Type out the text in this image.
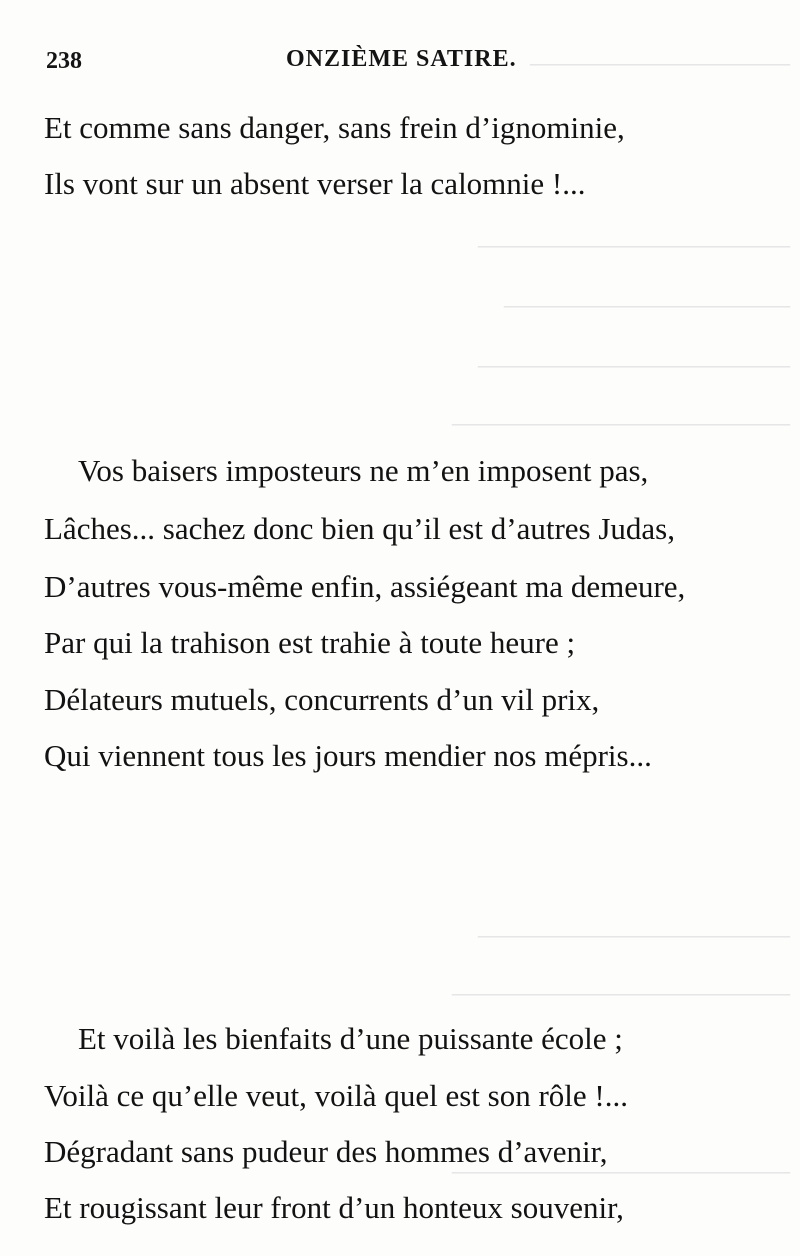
——————————
————————————
———————————
————————————
—————————————
————————————
—————————————
—————————————
238	ONZIÈME SATIRE.
Et comme sans danger, sans frein d’ignominie,
Ils vont sur un absent verser la calomnie !...
Vos baisers imposteurs ne m’en imposent pas,
Lâches... sachez donc bien qu’il est d’autres Judas,
D’autres vous-même enfin, assiégeant ma demeure,
Par qui la trahison est trahie à toute heure ;
Délateurs mutuels, concurrents d’un vil prix,
Qui viennent tous les jours mendier nos mépris...
Et voilà les bienfaits d’une puissante école ;
Voilà ce qu’elle veut, voilà quel est son rôle !...
Dégradant sans pudeur des hommes d’avenir,
Et rougissant leur front d’un honteux souvenir,
